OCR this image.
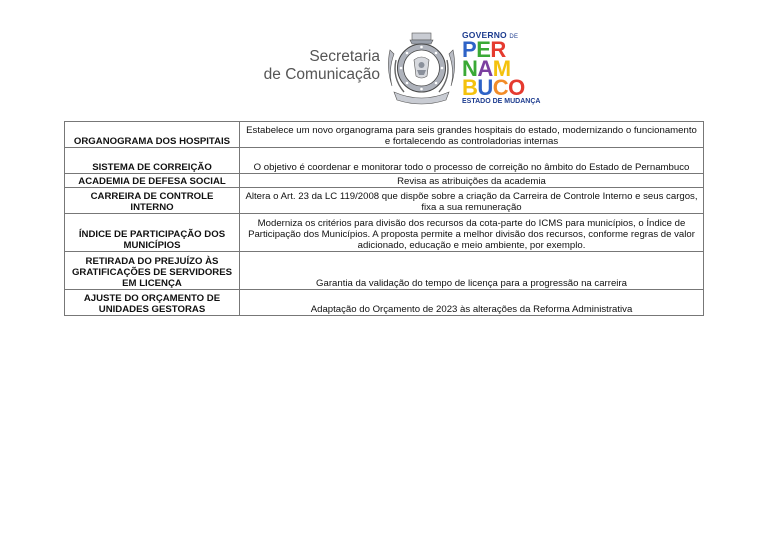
Secretaria
de Comunicação
GOVERNO DE
P E R
N A M
B U C O
ESTADO DE MUDANÇA
ORGANOGRAMA DOS HOSPITAIS	Estabelece um novo organograma para seis grandes hospitais do estado, modernizando o funcionamento e fortalecendo as controladorias internas
SISTEMA DE CORREIÇÃO	O objetivo é coordenar e monitorar todo o processo de correição no âmbito do Estado de Pernambuco
ACADEMIA DE DEFESA SOCIAL	Revisa as atribuições da academia
CARREIRA DE CONTROLE INTERNO	Altera o Art. 23 da LC 119/2008 que dispõe sobre a criação da Carreira de Controle Interno e seus cargos, fixa a sua remuneração
ÍNDICE DE PARTICIPAÇÃO DOS MUNICÍPIOS	Moderniza os critérios para divisão dos recursos da cota-parte do ICMS para municípios, o Índice de Participação dos Municípios. A proposta permite a melhor divisão dos recursos, conforme regras de valor adicionado, educação e meio ambiente, por exemplo.
RETIRADA DO PREJUÍZO ÀS GRATIFICAÇÕES DE SERVIDORES EM LICENÇA	Garantia da validação do tempo de licença para a progressão na carreira
AJUSTE DO ORÇAMENTO DE UNIDADES GESTORAS	Adaptação do Orçamento de 2023 às alterações da Reforma Administrativa
